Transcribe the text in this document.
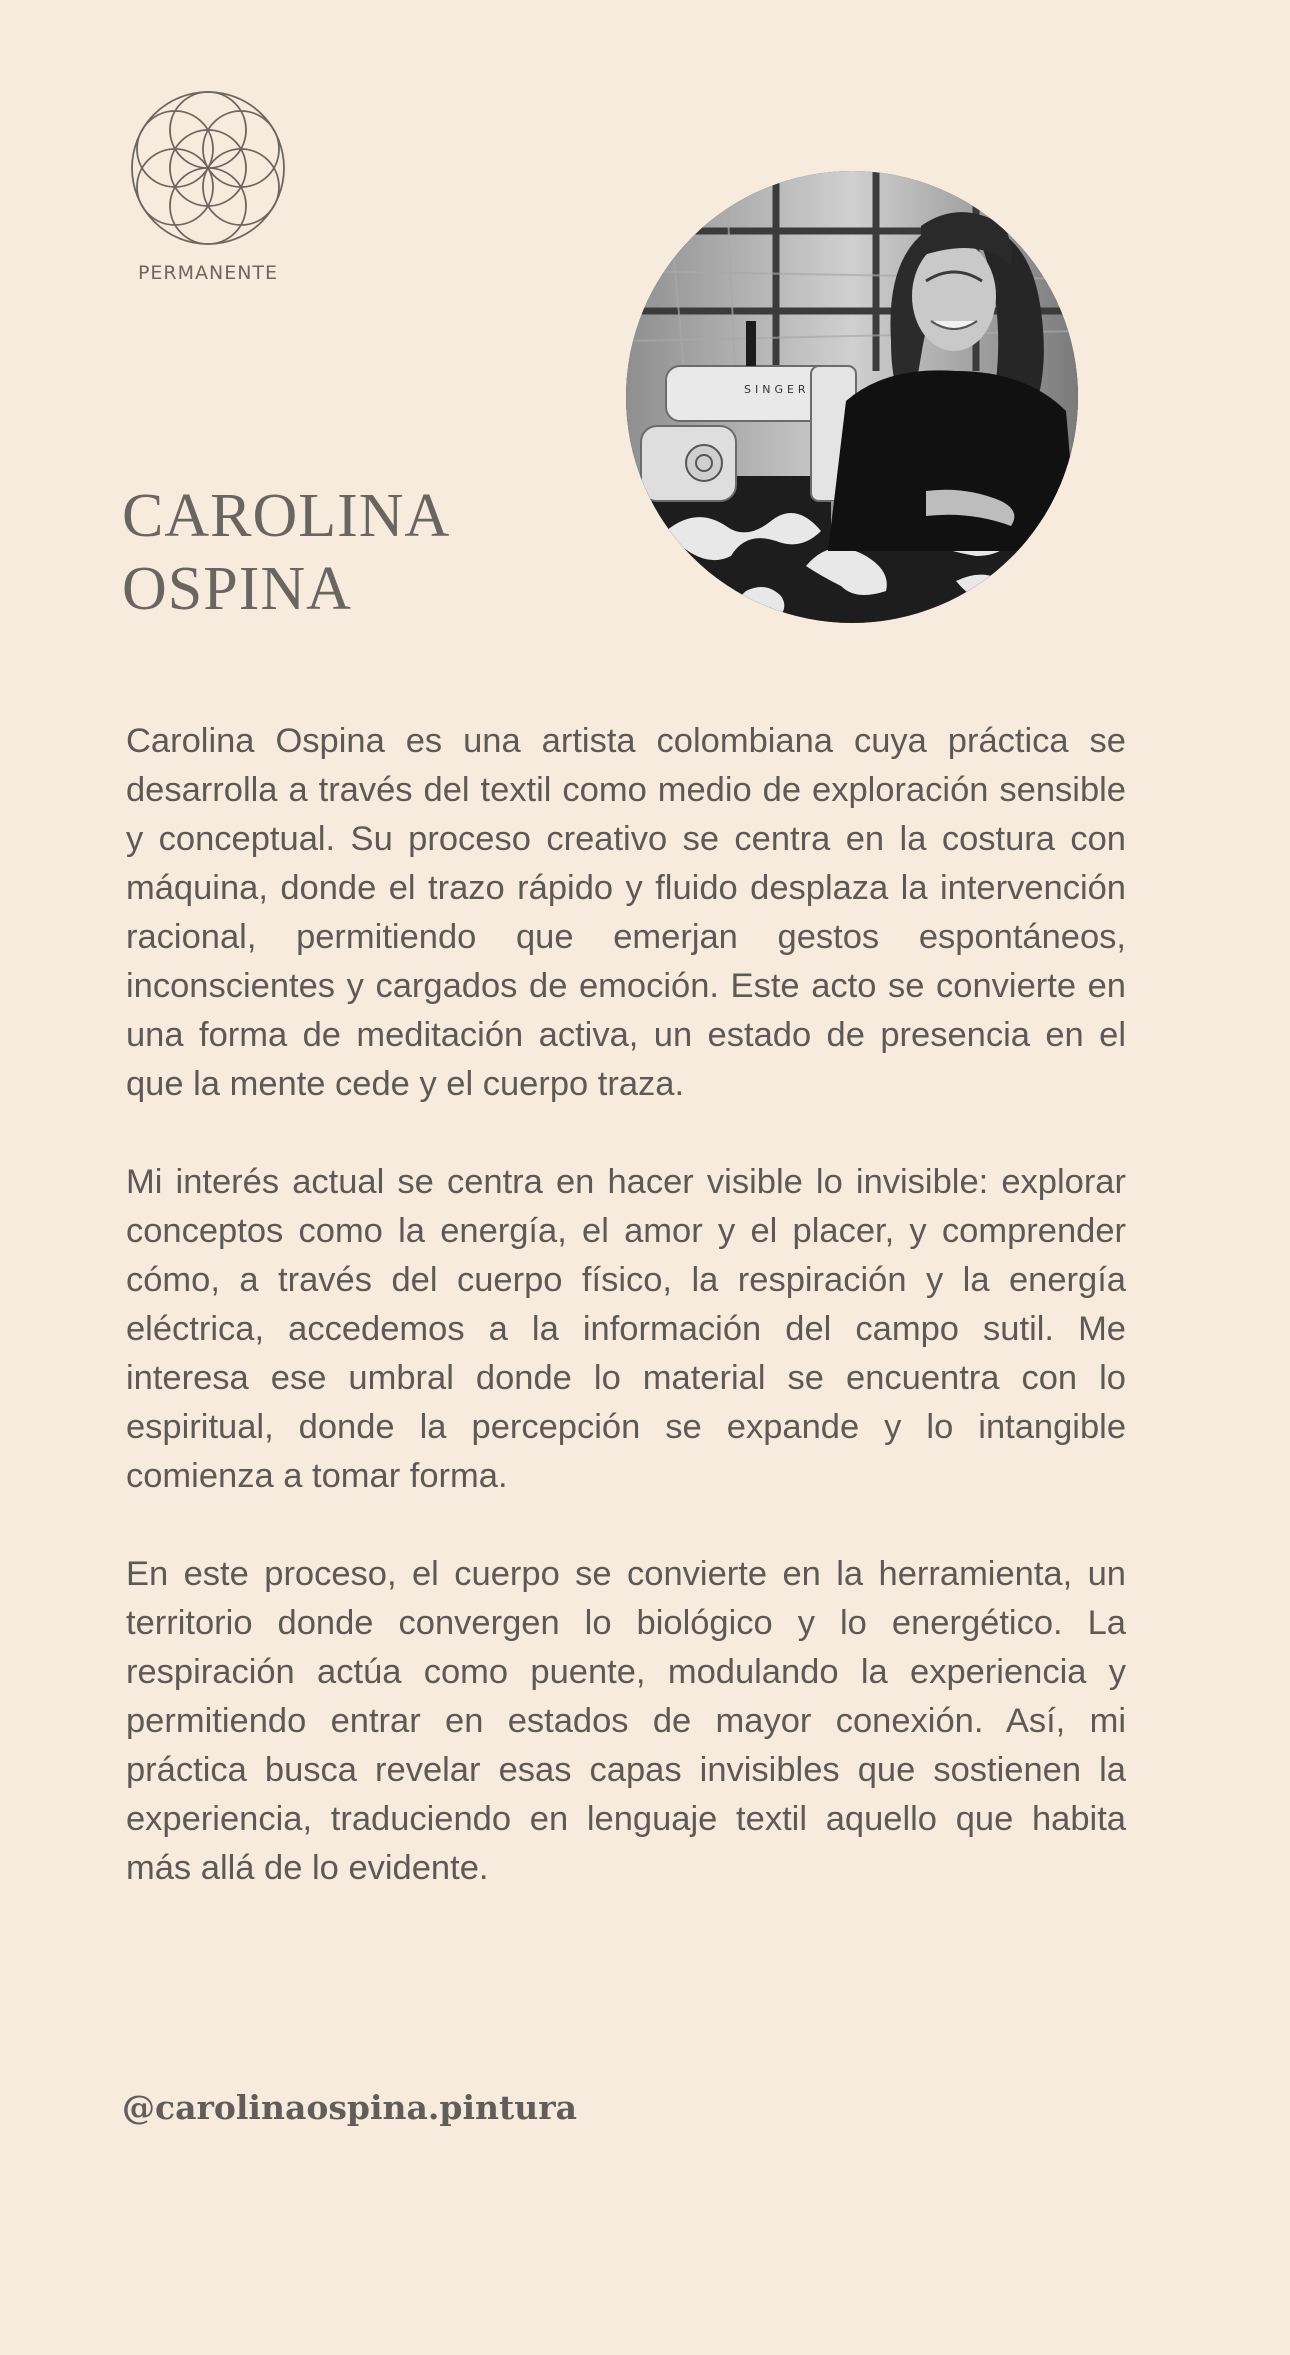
PERMANENTE
SINGER
CAROLINA
OSPINA

Carolina Ospina es una artista colombiana cuya práctica se desarrolla a través del textil como medio de exploración sensible y conceptual. Su proceso creativo se centra en la costura con máquina, donde el trazo rápido y fluido desplaza la intervención racional, permitiendo que emerjan gestos espontáneos, inconscientes y cargados de emoción. Este acto se convierte en una forma de meditación activa, un estado de presencia en el que la mente cede y el cuerpo traza.

Mi interés actual se centra en hacer visible lo invisible: explorar conceptos como la energía, el amor y el placer, y comprender cómo, a través del cuerpo físico, la respiración y la energía eléctrica, accedemos a la información del campo sutil. Me interesa ese umbral donde lo material se encuentra con lo espiritual, donde la percepción se expande y lo intangible comienza a tomar forma.

En este proceso, el cuerpo se convierte en la herramienta, un territorio donde convergen lo biológico y lo energético. La respiración actúa como puente, modulando la experiencia y permitiendo entrar en estados de mayor conexión. Así, mi práctica busca revelar esas capas invisibles que sostienen la experiencia, traduciendo en lenguaje textil aquello que habita más allá de lo evidente.

@carolinaospina.pintura
